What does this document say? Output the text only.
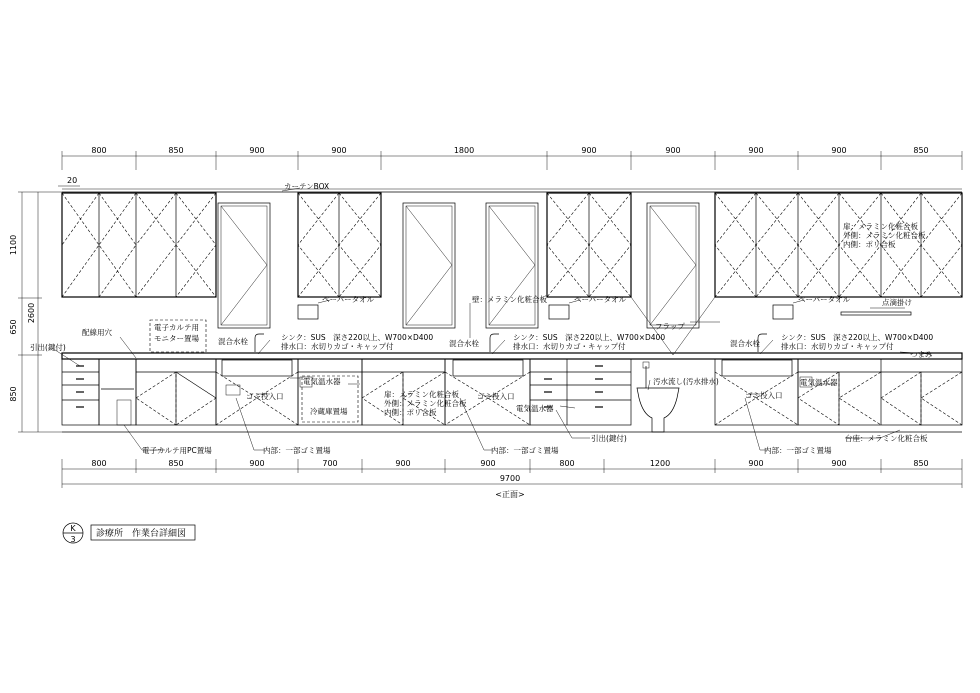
800	850	900	900	1800	900	900	900	900	850
20
1100
650
850
2600
カーテンBOX
ペーパータオル	ペーパータオル	ペーパータオル
壁：メラミン化粧合板	点滴掛け
扉：メラミン化粧合板
外側：メラミン化粧合板
内側：ポリ合板
配線用穴
電子カルテ用
モニター置場
引出(鍵付)
混合水栓	混合水栓	混合水栓
シンク：SUS　深さ220以上、W700×D400
排水口：水切りカゴ・キャップ付
シンク：SUS　深さ220以上、W700×D400
排水口：水切りカゴ・キャップ付
シンク：SUS　深さ220以上、W700×D400
排水口：水切りカゴ・キャップ付
フラップ
つまみ
電気温水器
電気温水器
電気温水器
ゴミ投入口	ゴミ投入口	ゴミ投入口
扉：メラミン化粧合板
外側：メラミン化粧合板
内側：ポリ合板
冷蔵庫置場
汚水流し(汚水排水)
電子カルテ用PC置場	内部：一部ゴミ置場	内部：一部ゴミ置場	内部：一部ゴミ置場
引出(鍵付)	台座：メラミン化粧合板
800	850	900	700	900	900	800	1200	900	900	850
9700
<正面>
K
3
診療所　作業台詳細図
